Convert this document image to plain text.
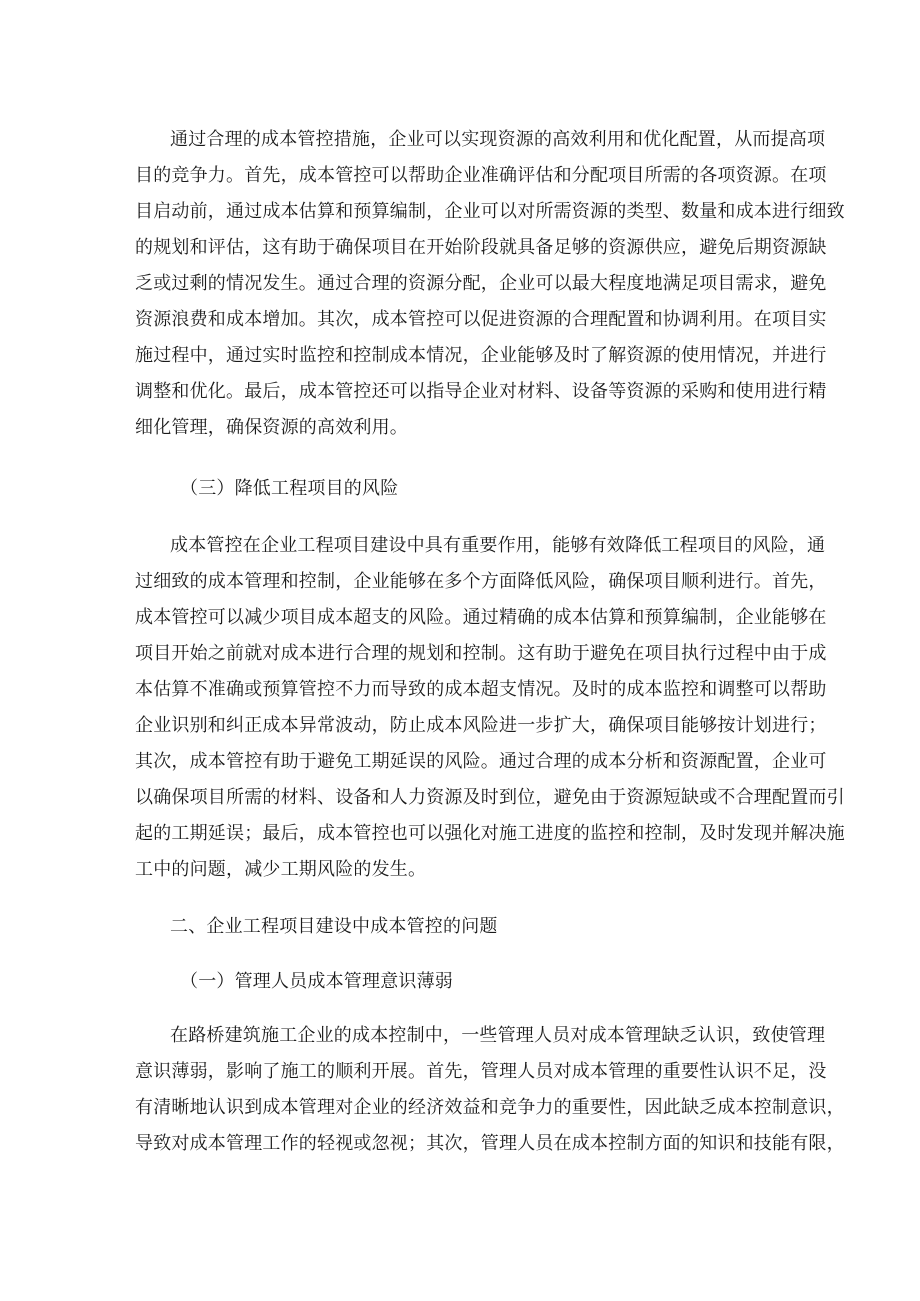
通过合理的成本管控措施，企业可以实现资源的高效利用和优化配置，从而提高项
目的竞争力。首先，成本管控可以帮助企业准确评估和分配项目所需的各项资源。在项
目启动前，通过成本估算和预算编制，企业可以对所需资源的类型、数量和成本进行细致
的规划和评估，这有助于确保项目在开始阶段就具备足够的资源供应，避免后期资源缺
乏或过剩的情况发生。通过合理的资源分配，企业可以最大程度地满足项目需求，避免
资源浪费和成本增加。其次，成本管控可以促进资源的合理配置和协调利用。在项目实
施过程中，通过实时监控和控制成本情况，企业能够及时了解资源的使用情况，并进行
调整和优化。最后，成本管控还可以指导企业对材料、设备等资源的采购和使用进行精
细化管理，确保资源的高效利用。
（三）降低工程项目的风险
成本管控在企业工程项目建设中具有重要作用，能够有效降低工程项目的风险，通
过细致的成本管理和控制，企业能够在多个方面降低风险，确保项目顺利进行。首先，
成本管控可以减少项目成本超支的风险。通过精确的成本估算和预算编制，企业能够在
项目开始之前就对成本进行合理的规划和控制。这有助于避免在项目执行过程中由于成
本估算不准确或预算管控不力而导致的成本超支情况。及时的成本监控和调整可以帮助
企业识别和纠正成本异常波动，防止成本风险进一步扩大，确保项目能够按计划进行；
其次，成本管控有助于避免工期延误的风险。通过合理的成本分析和资源配置，企业可
以确保项目所需的材料、设备和人力资源及时到位，避免由于资源短缺或不合理配置而引
起的工期延误；最后，成本管控也可以强化对施工进度的监控和控制，及时发现并解决施
工中的问题，减少工期风险的发生。
二、企业工程项目建设中成本管控的问题
（一）管理人员成本管理意识薄弱
在路桥建筑施工企业的成本控制中，一些管理人员对成本管理缺乏认识，致使管理
意识薄弱，影响了施工的顺利开展。首先，管理人员对成本管理的重要性认识不足，没
有清晰地认识到成本管理对企业的经济效益和竞争力的重要性，因此缺乏成本控制意识，
导致对成本管理工作的轻视或忽视；其次，管理人员在成本控制方面的知识和技能有限，
